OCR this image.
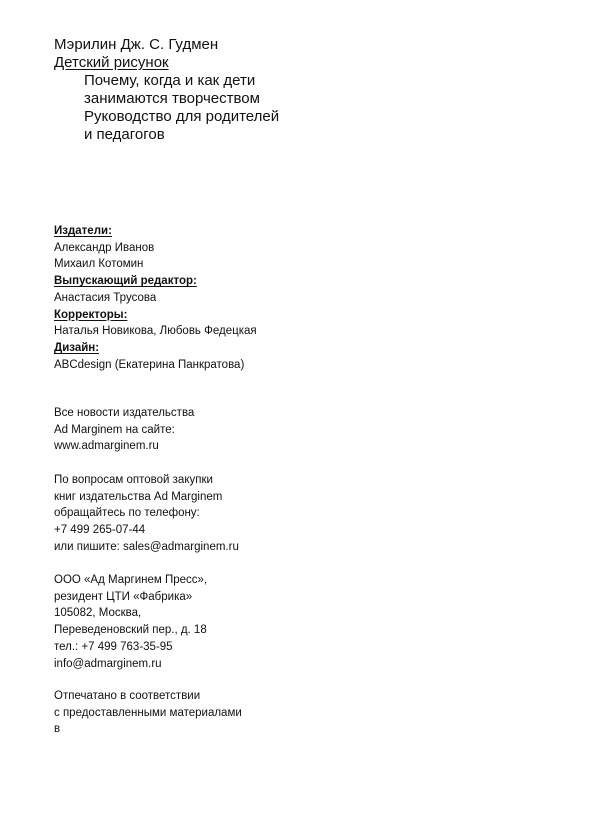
Мэрилин Дж. С. Гудмен
Детский рисунок
Почему, когда и как дети
занимаются творчеством
Руководство для родителей
и педагогов
Издатели:
Александр Иванов
Михаил Котомин
Выпускающий редактор:
Анастасия Трусова
Корректоры:
Наталья Новикова, Любовь Федецкая
Дизайн:
ABCdesign (Екатерина Панкратова)
Все новости издательства
Ad Marginem на сайте:
www.admarginem.ru
По вопросам оптовой закупки
книг издательства Ad Marginem
обращайтесь по телефону:
+7 499 265-07-44
или пишите: sales@admarginem.ru
ООО «Ад Маргинем Пресс»,
резидент ЦТИ «Фабрика»
105082, Москва,
Переведеновский пер., д. 18
тел.: +7 499 763-35-95
info@admarginem.ru
Отпечатано в соответствии
с предоставленными материалами
в
